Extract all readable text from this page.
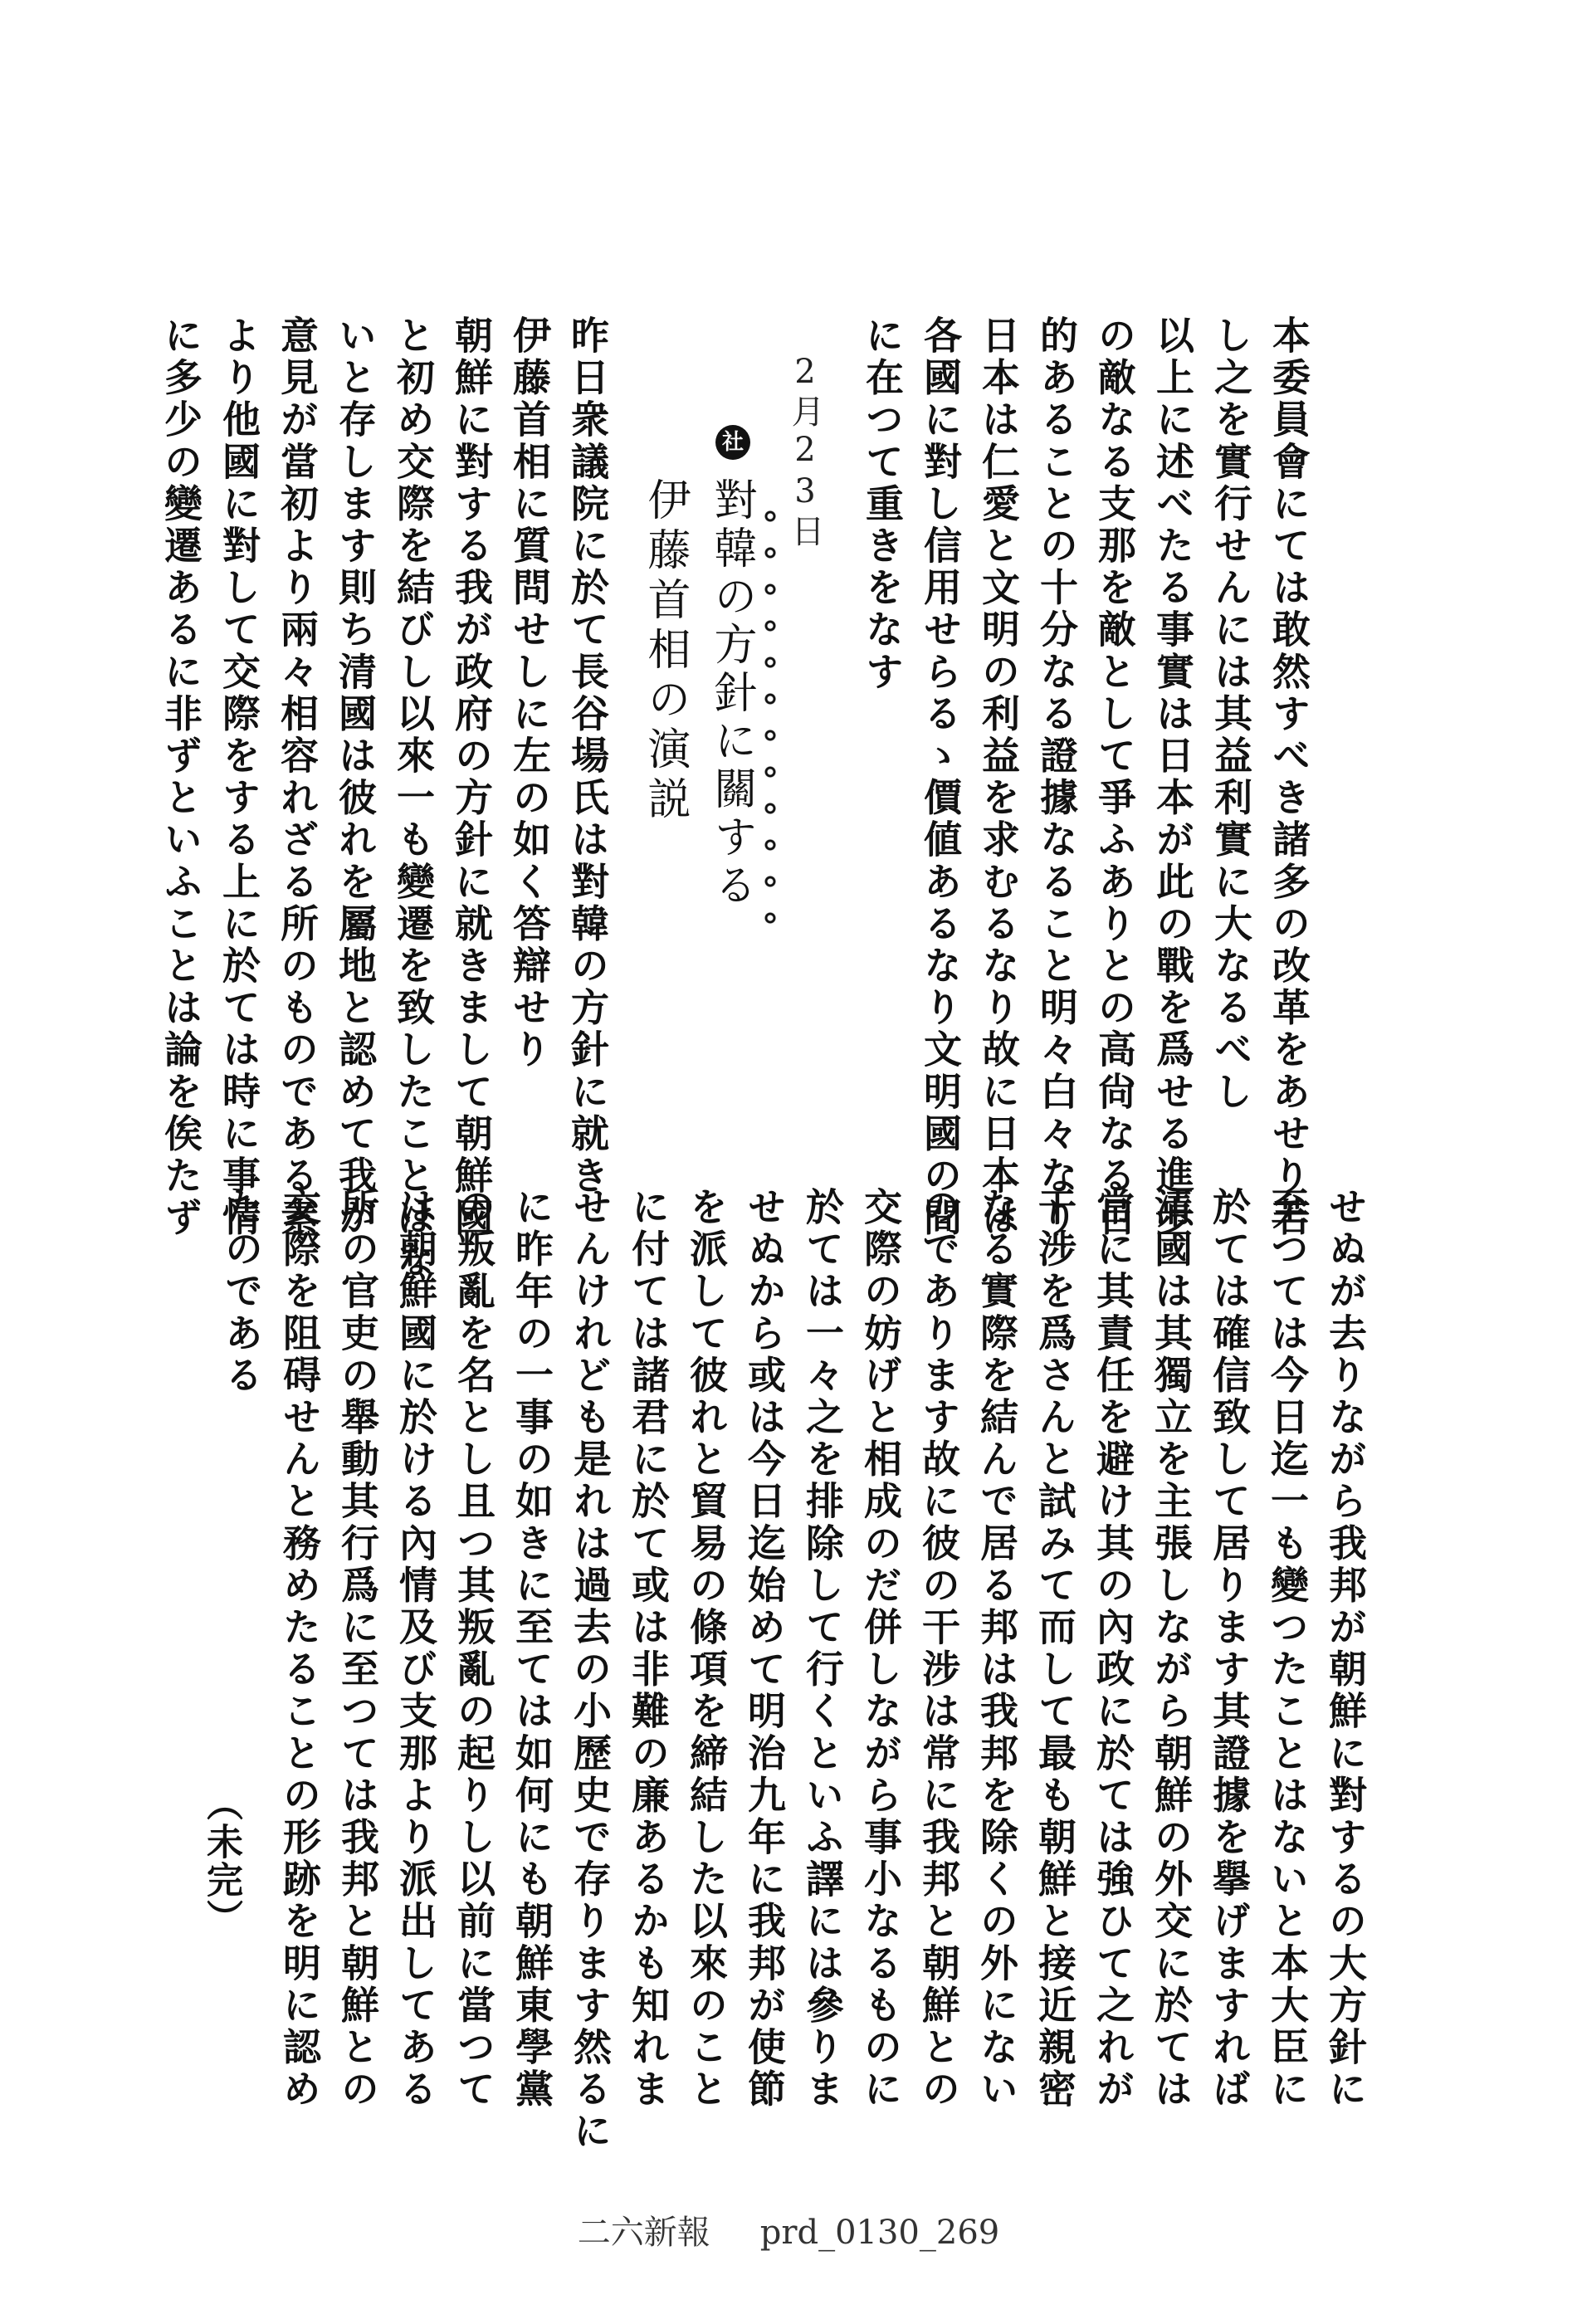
本委員會にては敢然すべき諸多の改革をあせり若
し之を實行せんには其益利實に大なるべし
以上に述べたる事實は日本が此の戰を爲せる進歩
の敵なる支那を敵として爭ふありとの高尙なる目
的あることの十分なる證據なること明々白々なり
日本は仁愛と文明の利益を求むるなり故に日本は
各國に對し信用せらるゝ價値あるなり文明國の間
に在つて重きをなす
2月23日
社
對韓の方針に關する
伊藤首相の演説
昨日衆議院に於て長谷場氏は對韓の方針に就き
伊藤首相に質問せしに左の如く答辯せり
朝鮮に對する我が政府の方針に就きまして朝鮮國
と初め交際を結びし以來一も變遷を致したことはな
いと存します則ち清國は彼れを屬地と認めて我が
意見が當初より兩々相容れざる所のものである素
より他國に對して交際をする上に於ては時に事情
に多少の變遷あるに非ずといふことは論を俟たず
せぬが去りながら我邦が朝鮮に對するの大方針に
至つては今日迄一も變つたことはないと本大臣に
於ては確信致して居ります其證據を擧げますれば
清國は其獨立を主張しながら朝鮮の外交に於ては
常に其責任を避け其の內政に於ては強ひて之れが
干涉を爲さんと試みて而して最も朝鮮と接近親密
なる實際を結んで居る邦は我邦を除くの外にない
のであります故に彼の干涉は常に我邦と朝鮮との
交際の妨げと相成のだ併しながら事小なるものに
於ては一々之を排除して行くといふ譯には參りま
せぬから或は今日迄始めて明治九年に我邦が使節
を派して彼れと貿易の條項を締結した以來のこと
に付ては諸君に於て或は非難の廉あるかも知れま
せんけれども是れは過去の小歷史で存ります然るに
に昨年の一事の如きに至ては如何にも朝鮮東學黨
の叛亂を名とし且つ其叛亂の起りし以前に當つて
は朝鮮國に於ける內情及び支那より派出してある
所の官吏の舉動其行爲に至つては我邦と朝鮮との
交際を阻碍せんと務めたることの形跡を明に認め
たのである
（未完）
二六新報 prd_0130_269
